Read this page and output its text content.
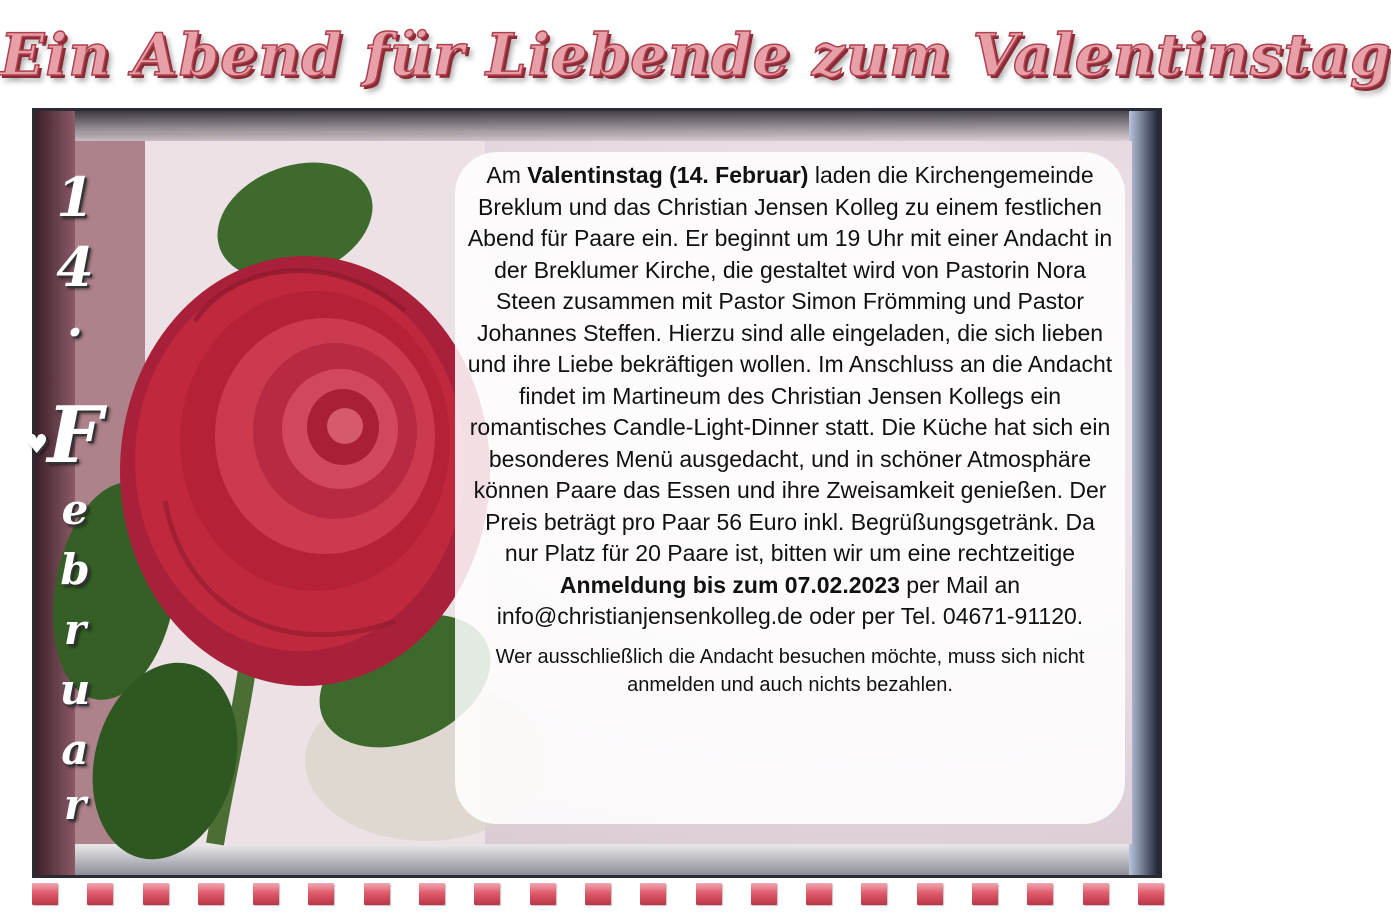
Ein Abend für Liebende zum Valentinstag
1
4
.
F
e
b
r
u
a
r
♥

Am Valentinstag (14. Februar) laden die Kirchengemeinde Breklum und das Christian Jensen Kolleg zu einem festlichen Abend für Paare ein. Er beginnt um 19 Uhr mit einer Andacht in der Breklumer Kirche, die gestaltet wird von Pastorin Nora Steen zusammen mit Pastor Simon Frömming und Pastor Johannes Steffen. Hierzu sind alle eingeladen, die sich lieben und ihre Liebe bekräftigen wollen. Im Anschluss an die Andacht findet im Martineum des Christian Jensen Kollegs ein romantisches Candle-Light-Dinner statt. Die Küche hat sich ein besonderes Menü ausgedacht, und in schöner Atmosphäre können Paare das Essen und ihre Zweisamkeit genießen. Der Preis beträgt pro Paar 56 Euro inkl. Begrüßungsgetränk. Da nur Platz für 20 Paare ist, bitten wir um eine rechtzeitige Anmeldung bis zum 07.02.2023 per Mail an info@christianjensenkolleg.de oder per Tel. 04671-91120.

Wer ausschließlich die Andacht besuchen möchte, muss sich nicht anmelden und auch nichts bezahlen.
